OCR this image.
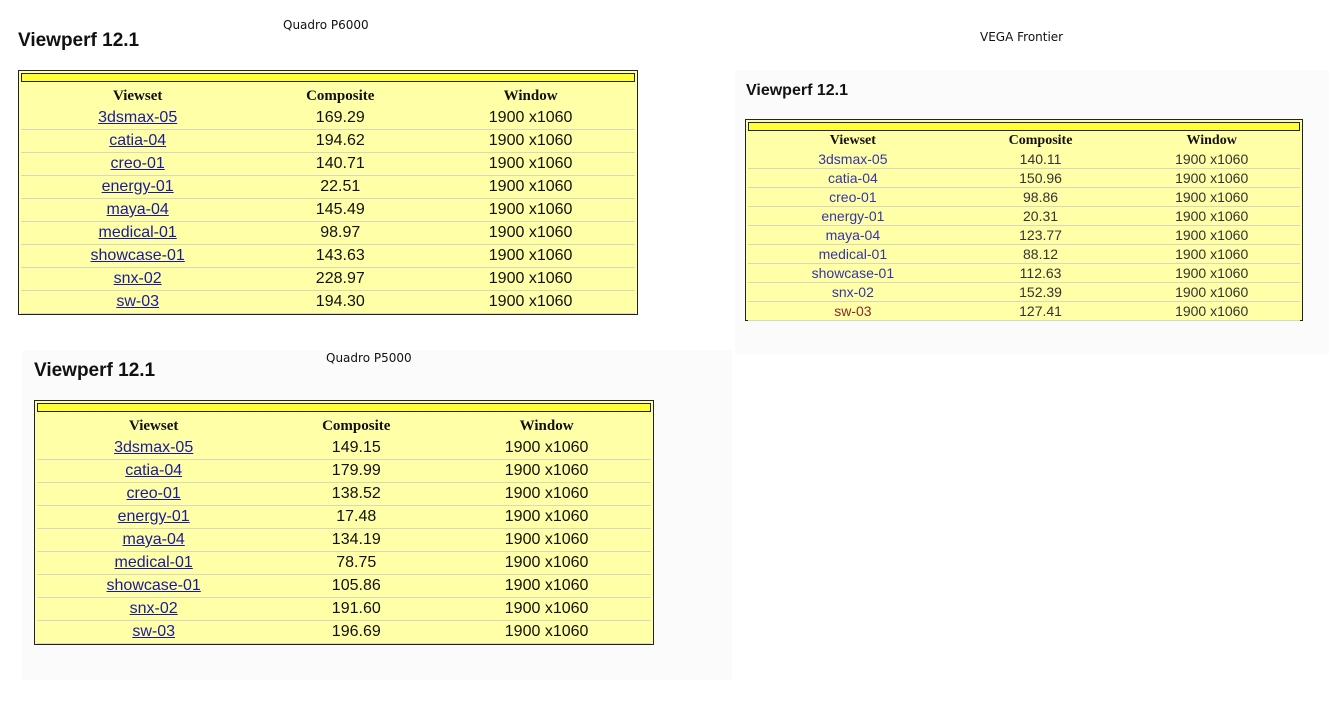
Quadro P6000
Viewperf 12.1
Viewset	Composite	Window
3dsmax-05	169.29	1900 x1060
catia-04	194.62	1900 x1060
creo-01	140.71	1900 x1060
energy-01	22.51	1900 x1060
maya-04	145.49	1900 x1060
medical-01	98.97	1900 x1060
showcase-01	143.63	1900 x1060
snx-02	228.97	1900 x1060
sw-03	194.30	1900 x1060
VEGA Frontier
Viewperf 12.1
Viewset	Composite	Window
3dsmax-05	140.11	1900 x1060
catia-04	150.96	1900 x1060
creo-01	98.86	1900 x1060
energy-01	20.31	1900 x1060
maya-04	123.77	1900 x1060
medical-01	88.12	1900 x1060
showcase-01	112.63	1900 x1060
snx-02	152.39	1900 x1060
sw-03	127.41	1900 x1060
Quadro P5000
Viewperf 12.1
Viewset	Composite	Window
3dsmax-05	149.15	1900 x1060
catia-04	179.99	1900 x1060
creo-01	138.52	1900 x1060
energy-01	17.48	1900 x1060
maya-04	134.19	1900 x1060
medical-01	78.75	1900 x1060
showcase-01	105.86	1900 x1060
snx-02	191.60	1900 x1060
sw-03	196.69	1900 x1060
